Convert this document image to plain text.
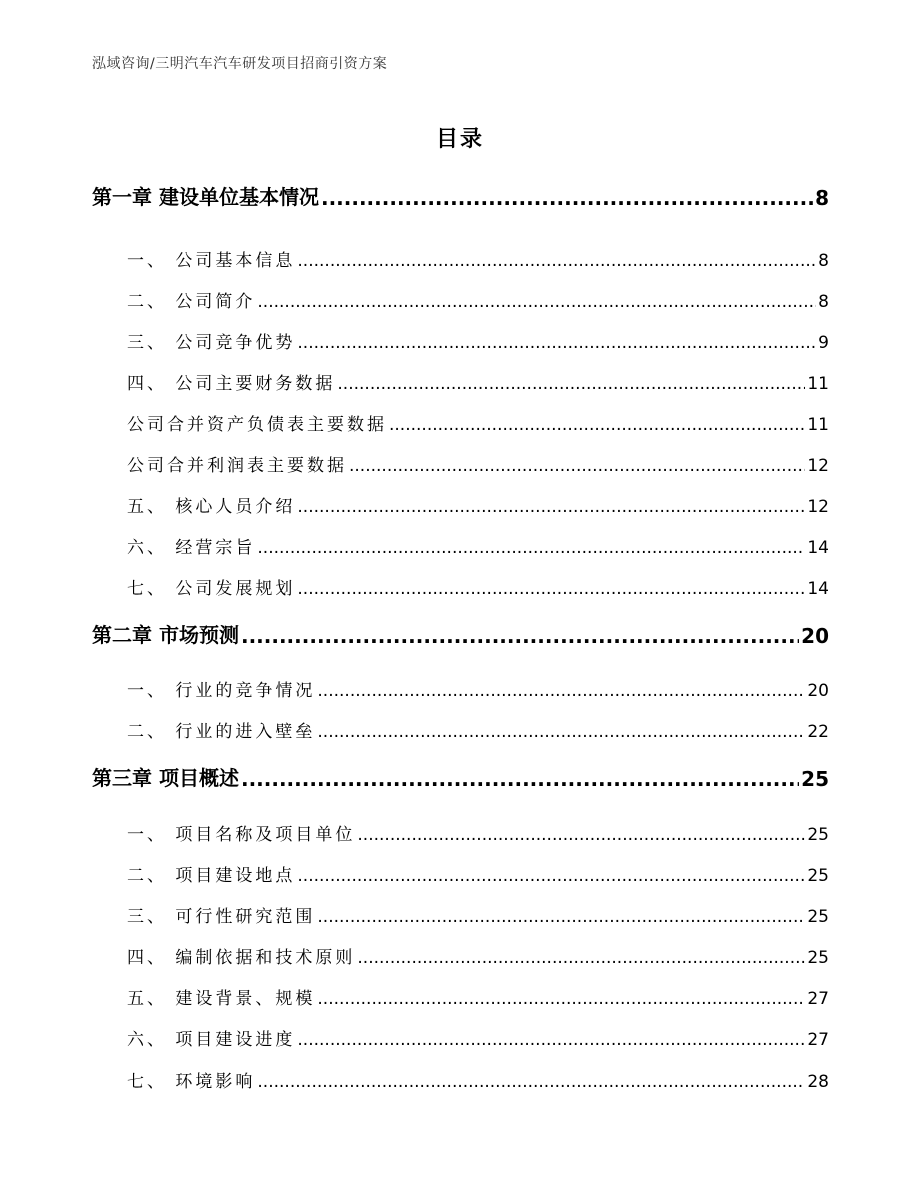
泓域咨询/三明汽车汽车研发项目招商引资方案
目录
第一章 建设单位基本情况 .....	8
一、 公司基本信息 .....	8
二、 公司简介 .....	8
三、 公司竞争优势 .....	9
四、 公司主要财务数据 .....	11
公司合并资产负债表主要数据 .....	11
公司合并利润表主要数据 .....	12
五、 核心人员介绍 .....	12
六、 经营宗旨 .....	14
七、 公司发展规划 .....	14
第二章 市场预测 .....	20
一、 行业的竞争情况 .....	20
二、 行业的进入壁垒 .....	22
第三章 项目概述 .....	25
一、 项目名称及项目单位 .....	25
二、 项目建设地点 .....	25
三、 可行性研究范围 .....	25
四、 编制依据和技术原则 .....	25
五、 建设背景、规模 .....	27
六、 项目建设进度 .....	27
七、 环境影响 .....	28
